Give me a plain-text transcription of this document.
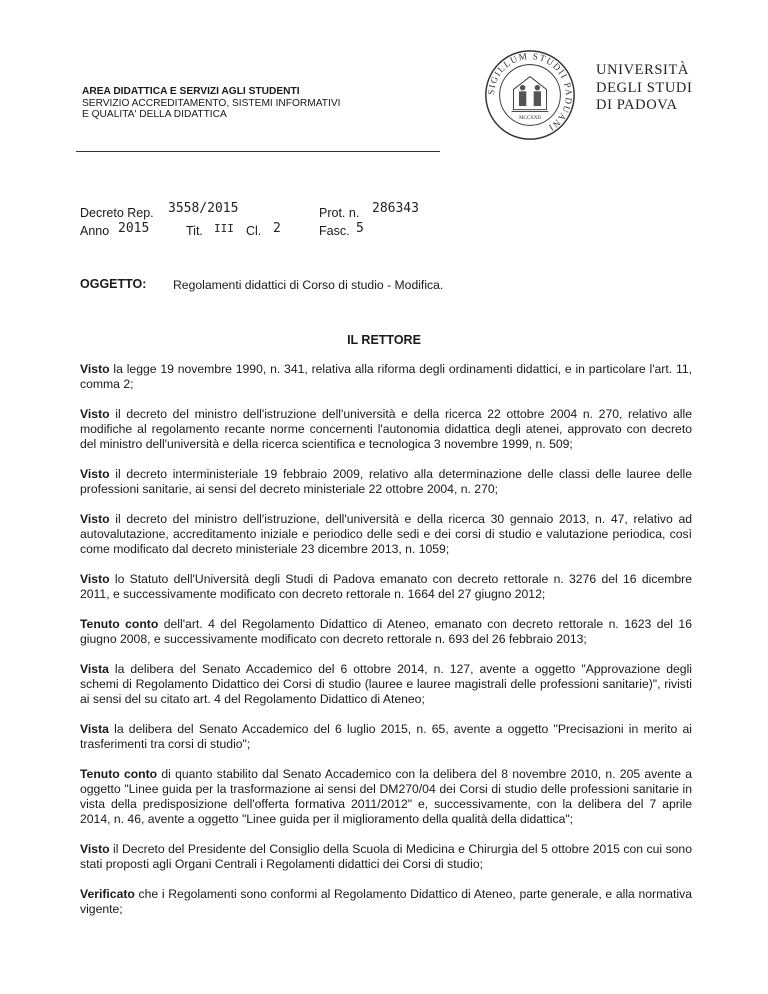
AREA DIDATTICA E SERVIZI AGLI STUDENTI
SERVIZIO ACCREDITAMENTO, SISTEMI INFORMATIVI
E QUALITA' DELLA DIDATTICA
SIGILLUM STUDII PADUANI
MCCXXII
UNIVERSITÀ
DEGLI STUDI
DI PADOVA
Decreto Rep. 3558/2015
Anno 2015	Tit. III Cl. 2
Prot. n. 286343
Fasc. 5
OGGETTO: Regolamenti didattici di Corso di studio - Modifica.
IL RETTORE

Visto la legge 19 novembre 1990, n. 341, relativa alla riforma degli ordinamenti didattici, e in particolare l'art. 11, comma 2;

Visto il decreto del ministro dell'istruzione dell'università e della ricerca 22 ottobre 2004 n. 270, relativo alle modifiche al regolamento recante norme concernenti l'autonomia didattica degli atenei, approvato con decreto del ministro dell'università e della ricerca scientifica e tecnologica 3 novembre 1999, n. 509;

Visto il decreto interministeriale 19 febbraio 2009, relativo alla determinazione delle classi delle lauree delle professioni sanitarie, ai sensi del decreto ministeriale 22 ottobre 2004, n. 270;

Visto il decreto del ministro dell'istruzione, dell'università e della ricerca 30 gennaio 2013, n. 47, relativo ad autovalutazione, accreditamento iniziale e periodico delle sedi e dei corsi di studio e valutazione periodica, così come modificato dal decreto ministeriale 23 dicembre 2013, n. 1059;

Visto lo Statuto dell'Università degli Studi di Padova emanato con decreto rettorale n. 3276 del 16 dicembre 2011, e successivamente modificato con decreto rettorale n. 1664 del 27 giugno 2012;

Tenuto conto dell'art. 4 del Regolamento Didattico di Ateneo, emanato con decreto rettorale n. 1623 del 16 giugno 2008, e successivamente modificato con decreto rettorale n. 693 del 26 febbraio 2013;

Vista la delibera del Senato Accademico del 6 ottobre 2014, n. 127, avente a oggetto "Approvazione degli schemi di Regolamento Didattico dei Corsi di studio (lauree e lauree magistrali delle professioni sanitarie)", rivisti ai sensi del su citato art. 4 del Regolamento Didattico di Ateneo;

Vista la delibera del Senato Accademico del 6 luglio 2015, n. 65, avente a oggetto "Precisazioni in merito ai trasferimenti tra corsi di studio";

Tenuto conto di quanto stabilito dal Senato Accademico con la delibera del 8 novembre 2010, n. 205 avente a oggetto "Linee guida per la trasformazione ai sensi del DM270/04 dei Corsi di studio delle professioni sanitarie in vista della predisposizione dell'offerta formativa 2011/2012" e, successivamente, con la delibera del 7 aprile 2014, n. 46, avente a oggetto "Linee guida per il miglioramento della qualità della didattica";

Visto il Decreto del Presidente del Consiglio della Scuola di Medicina e Chirurgia del 5 ottobre 2015 con cui sono stati proposti agli Organi Centrali i Regolamenti didattici dei Corsi di studio;

Verificato che i Regolamenti sono conformi al Regolamento Didattico di Ateneo, parte generale, e alla normativa vigente;
